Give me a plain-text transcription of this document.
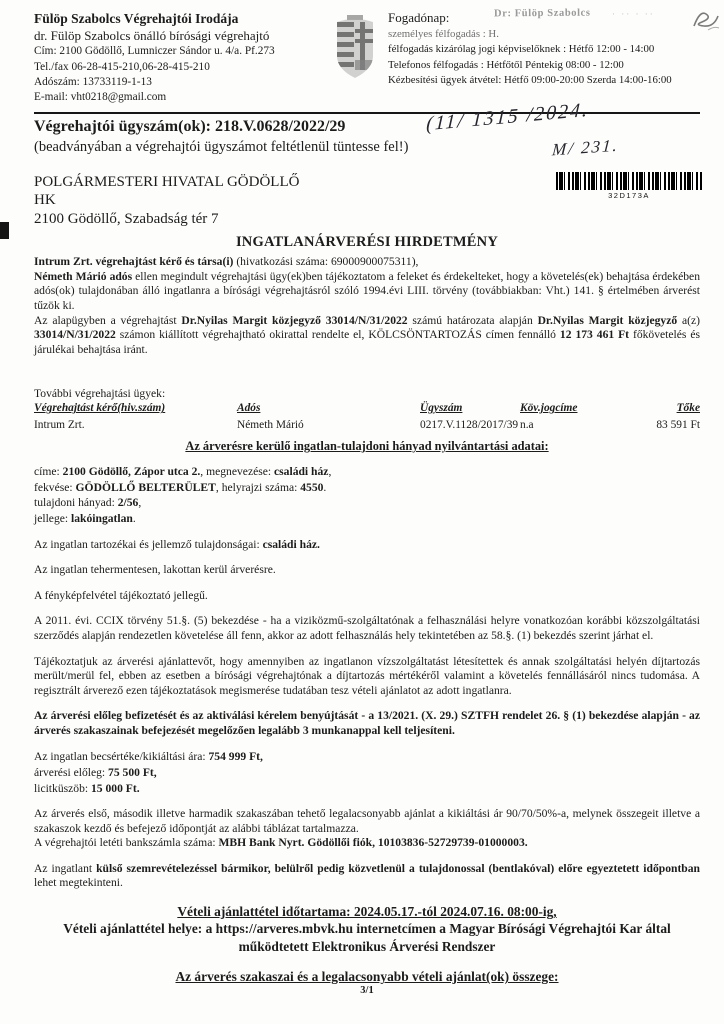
Fülöp Szabolcs Végrehajtói Irodája
dr. Fülöp Szabolcs önálló bírósági végrehajtó
Cím: 2100 Gödöllő, Lumniczer Sándor u. 4/a. Pf.273
Tel./fax 06-28-415-210,06-28-415-210
Adószám: 13733119-1-13
E-mail: vht0218@gmail.com
Fogadónap:
személyes félfogadás : H.
félfogadás kizárólag jogi képviselőknek : Hétfő 12:00 - 14:00
Telefonos félfogadás : Hétfőtől Péntekig 08:00 - 12:00
Kézbesítési ügyek átvétel: Hétfő 09:00-20:00 Szerda 14:00-16:00
Dr: Fülöp Szabolcs · ·· · ··
Végrehajtói ügyszám(ok): 218.V.0628/2022/29
(beadványában a végrehajtói ügyszámot feltétlenül tüntesse fel!)
(11/ 1315 /2024.
M/ 231.
32D173A
POLGÁRMESTERI HIVATAL GÖDÖLLŐ
HK
2100 Gödöllő, Szabadság tér 7
INGATLANÁRVERÉSI HIRDETMÉNY
Intrum Zrt. végrehajtást kérő és társa(i) (hivatkozási száma: 69000900075311),
Németh Márió adós ellen megindult végrehajtási ügy(ek)ben tájékoztatom a feleket és érdekelteket, hogy a követelés(ek) behajtása érdekében adós(ok) tulajdonában álló ingatlanra a bírósági végrehajtásról szóló 1994.évi LIII. törvény (továbbiakban: Vht.) 141. § értelmében árverést tűzök ki.
Az alapügyben a végrehajtást Dr.Nyilas Margit közjegyző 33014/N/31/2022 számú határozata alapján Dr.Nyilas Margit közjegyző a(z) 33014/N/31/2022 számon kiállított végrehajtható okirattal rendelte el, KÖLCSÖNTARTOZÁS címen fennálló 12 173 461 Ft főkövetelés és járulékai behajtása iránt.
További végrehajtási ügyek:
Végrehajtást kérő(hiv.szám)	Adós	Ügyszám	Köv.jogcíme	Tőke
Intrum Zrt.	Németh Márió	0217.V.1128/2017/39 n.a	83 591 Ft
Az árverésre kerülő ingatlan-tulajdoni hányad nyilvántartási adatai:
címe: 2100 Gödöllő, Zápor utca 2., megnevezése: családi ház,
fekvése: GÖDÖLLŐ BELTERÜLET, helyrajzi száma: 4550.
tulajdoni hányad: 2/56,
jellege: lakóingatlan.
Az ingatlan tartozékai és jellemző tulajdonságai: családi ház.
Az ingatlan tehermentesen, lakottan kerül árverésre.
A fényképfelvétel tájékoztató jellegű.
A 2011. évi. CCIX törvény 51.§. (5) bekezdése - ha a viziközmű-szolgáltatónak a felhasználási helyre vonatkozóan korábbi közszolgáltatási szerződés alapján rendezetlen követelése áll fenn, akkor az adott felhasználás hely tekintetében az 58.§. (1) bekezdés szerint járhat el.
Tájékoztatjuk az árverési ajánlattevőt, hogy amennyiben az ingatlanon vízszolgáltatást létesítettek és annak szolgáltatási helyén díjtartozás merült/merül fel, ebben az esetben a bírósági végrehajtónak a díjtartozás mértékéről valamint a követelés fennállásáról nincs tudomása. A regisztrált árverező ezen tájékoztatások megismerése tudatában tesz vételi ajánlatot az adott ingatlanra.
Az árverési előleg befizetését és az aktiválási kérelem benyújtását - a 13/2021. (X. 29.) SZTFH rendelet 26. § (1) bekezdése alapján - az árverés szakaszainak befejezését megelőzően legalább 3 munkanappal kell teljesíteni.
Az ingatlan becsértéke/kikiáltási ára: 754 999 Ft,
árverési előleg: 75 500 Ft,
licitküszöb: 15 000 Ft.
Az árverés első, második illetve harmadik szakaszában tehető legalacsonyabb ajánlat a kikiáltási ár 90/70/50%-a, melynek összegeit illetve a szakaszok kezdő és befejező időpontját az alábbi táblázat tartalmazza.
A végrehajtói letéti bankszámla száma: MBH Bank Nyrt. Gödöllői fiók, 10103836-52729739-01000003.
Az ingatlant külső szemrevételezéssel bármikor, belülről pedig közvetlenül a tulajdonossal (bentlakóval) előre egyeztetett időpontban lehet megtekinteni.
Vételi ajánlattétel időtartama: 2024.05.17.-tól 2024.07.16. 08:00-ig,
Vételi ajánlattétel helye: a https://arveres.mbvk.hu internetcímen a Magyar Bírósági Végrehajtói Kar által
működtetett Elektronikus Árverési Rendszer
Az árverés szakaszai és a legalacsonyabb vételi ajánlat(ok) összege:
3/1
